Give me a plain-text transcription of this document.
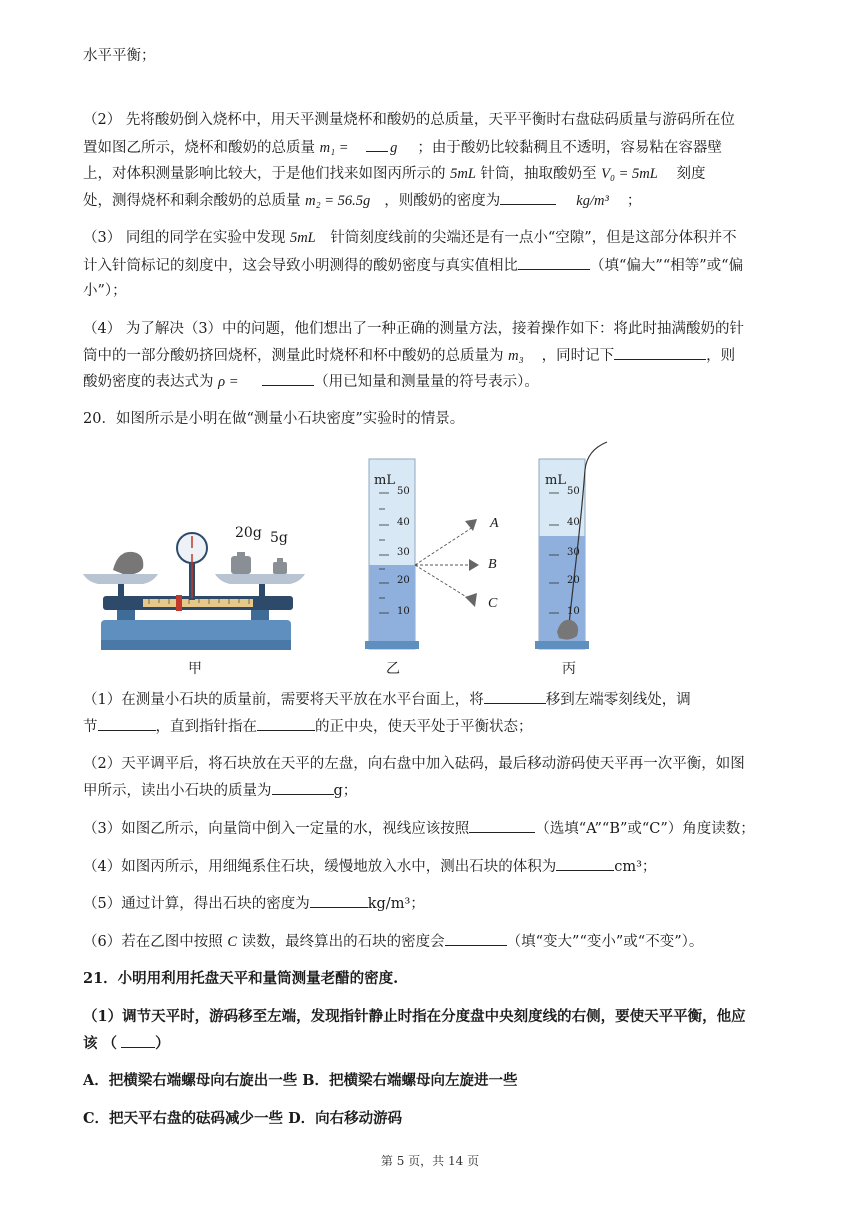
水平平衡；
（2） 先将酸奶倒入烧杯中，用天平测量烧杯和酸奶的总质量，天平平衡时右盘砝码质量与游码所在位
置如图乙所示，烧杯和酸奶的总质量 m₁ =	g ；由于酸奶比较黏稠且不透明，容易粘在容器壁
上，对体积测量影响比较大，于是他们找来如图丙所示的 5mL 针筒，抽取酸奶至 V₀ = 5mL 刻度
处，测得烧杯和剩余酸奶的总质量 m₂ = 56.5g ，则酸奶的密度为	kg/m³ ；
（3） 同组的同学在实验中发现 5mL 针筒刻度线前的尖端还是有一点小“空隙”，但是这部分体积并不
计入针筒标记的刻度中，这会导致小明测得的酸奶密度与真实值相比	（填“偏大”“相等”或“偏
小”）；
（4） 为了解决（3）中的问题，他们想出了一种正确的测量方法，接着操作如下：将此时抽满酸奶的针
筒中的一部分酸奶挤回烧杯，测量此时烧杯和杯中酸奶的总质量为 m₃ ，同时记下	，则
酸奶密度的表达式为 ρ =	（用已知量和测量量的符号表示）。
20．如图所示是小明在做“测量小石块密度”实验时的情景。
20g 5g
甲
mL
50
40
30
20
10
A
B
C
乙
mL
50
40
30
20
10
丙
（1）在测量小石块的质量前，需要将天平放在水平台面上，将	移到左端零刻线处，调
节	，直到指针指在	的正中央，使天平处于平衡状态；
（2）天平调平后，将石块放在天平的左盘，向右盘中加入砝码，最后移动游码使天平再一次平衡，如图
甲所示，读出小石块的质量为	g；
（3）如图乙所示，向量筒中倒入一定量的水，视线应该按照	（选填“A”“B”或“C”）角度读数；
（4）如图丙所示，用细绳系住石块，缓慢地放入水中，测出石块的体积为	cm³；
（5）通过计算，得出石块的密度为	kg/m³；
（6）若在乙图中按照 C 读数，最终算出的石块的密度会	（填“变大”“变小”或“不变”）。
21．小明用利用托盘天平和量筒测量老醋的密度.
（1）调节天平时，游码移至左端，发现指针静止时指在分度盘中央刻度线的右侧，要使天平平衡，他应
该 （	）
A．把横梁右端螺母向右旋出一些 B．把横梁右端螺母向左旋进一些
C．把天平右盘的砝码减少一些 D．向右移动游码
第 5 页，共 14 页
